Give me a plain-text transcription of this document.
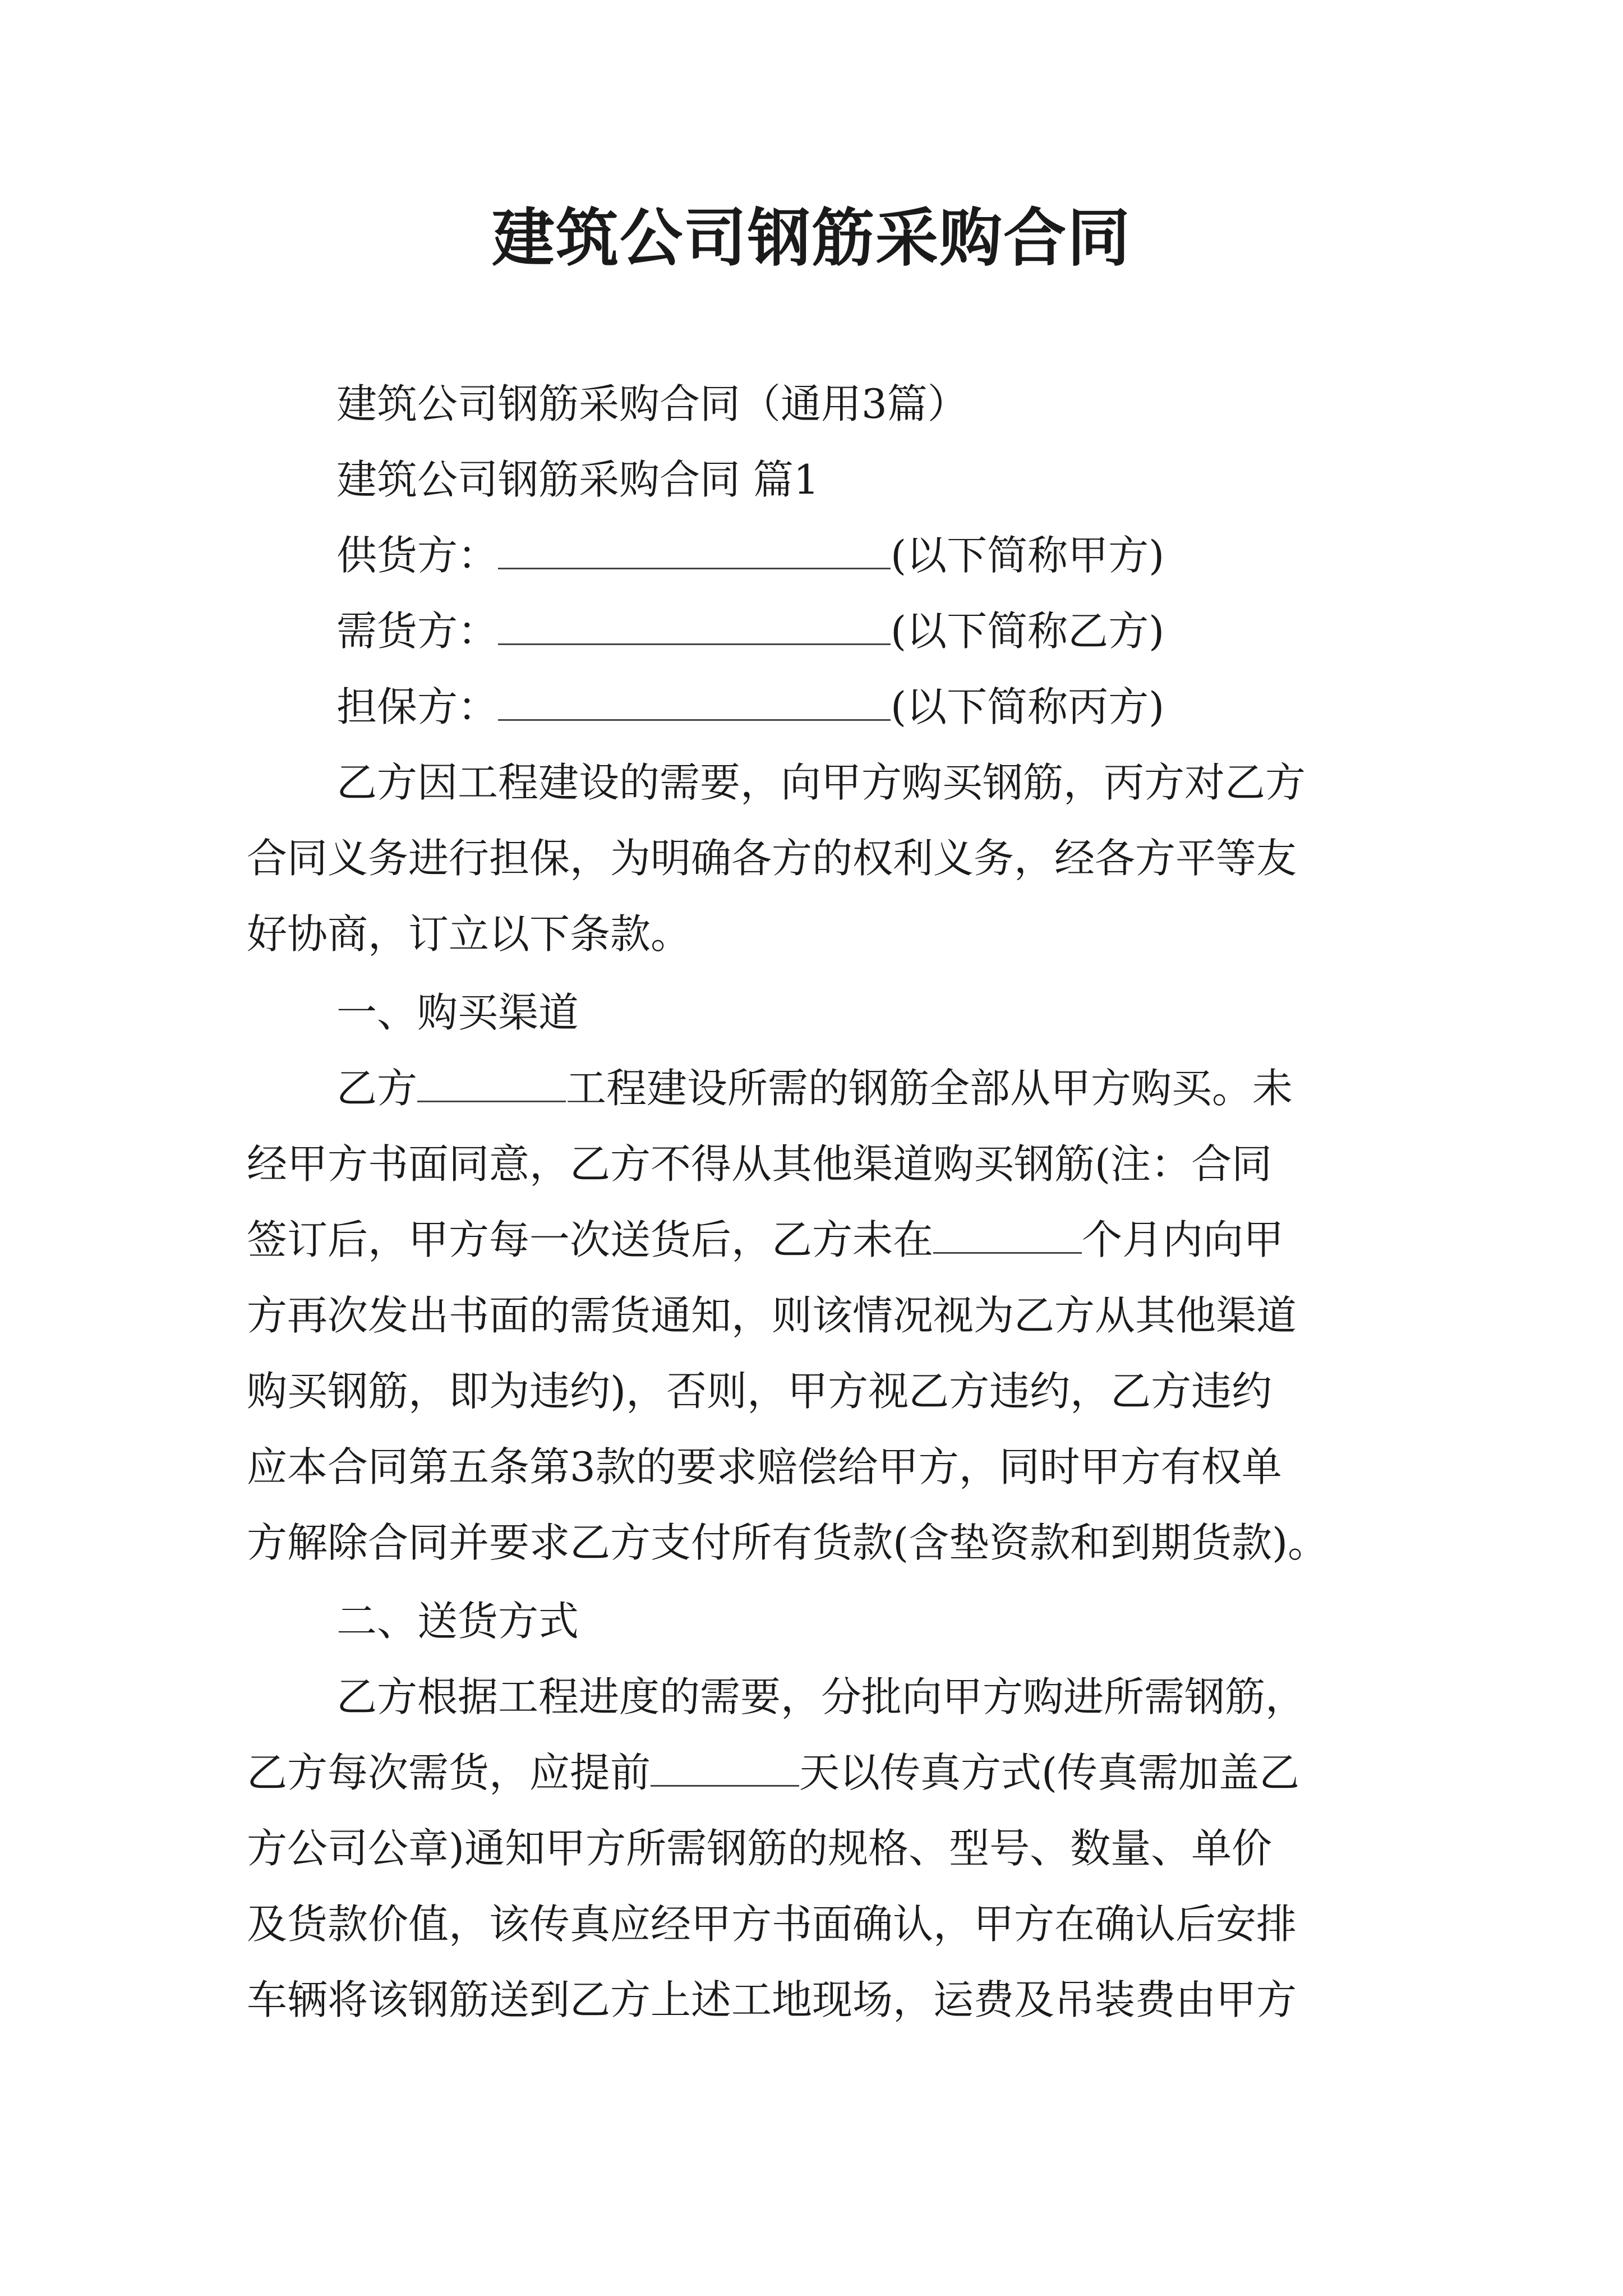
建筑公司钢筋采购合同

建筑公司钢筋采购合同（通用3篇）

建筑公司钢筋采购合同 篇1

供货方：	(以下简称甲方)

需货方：	(以下简称乙方)

担保方：	(以下简称丙方)

乙方因工程建设的需要，向甲方购买钢筋，丙方对乙方

合同义务进行担保，为明确各方的权利义务，经各方平等友

好协商，订立以下条款。

一、购买渠道

乙方	工程建设所需的钢筋全部从甲方购买。未

经甲方书面同意，乙方不得从其他渠道购买钢筋(注：合同

签订后，甲方每一次送货后，乙方未在	个月内向甲

方再次发出书面的需货通知，则该情况视为乙方从其他渠道

购买钢筋，即为违约)，否则，甲方视乙方违约，乙方违约

应本合同第五条第3款的要求赔偿给甲方，同时甲方有权单

方解除合同并要求乙方支付所有货款(含垫资款和到期货款)。

二、送货方式

乙方根据工程进度的需要，分批向甲方购进所需钢筋，

乙方每次需货，应提前	天以传真方式(传真需加盖乙

方公司公章)通知甲方所需钢筋的规格、型号、数量、单价

及货款价值，该传真应经甲方书面确认，甲方在确认后安排

车辆将该钢筋送到乙方上述工地现场，运费及吊装费由甲方
